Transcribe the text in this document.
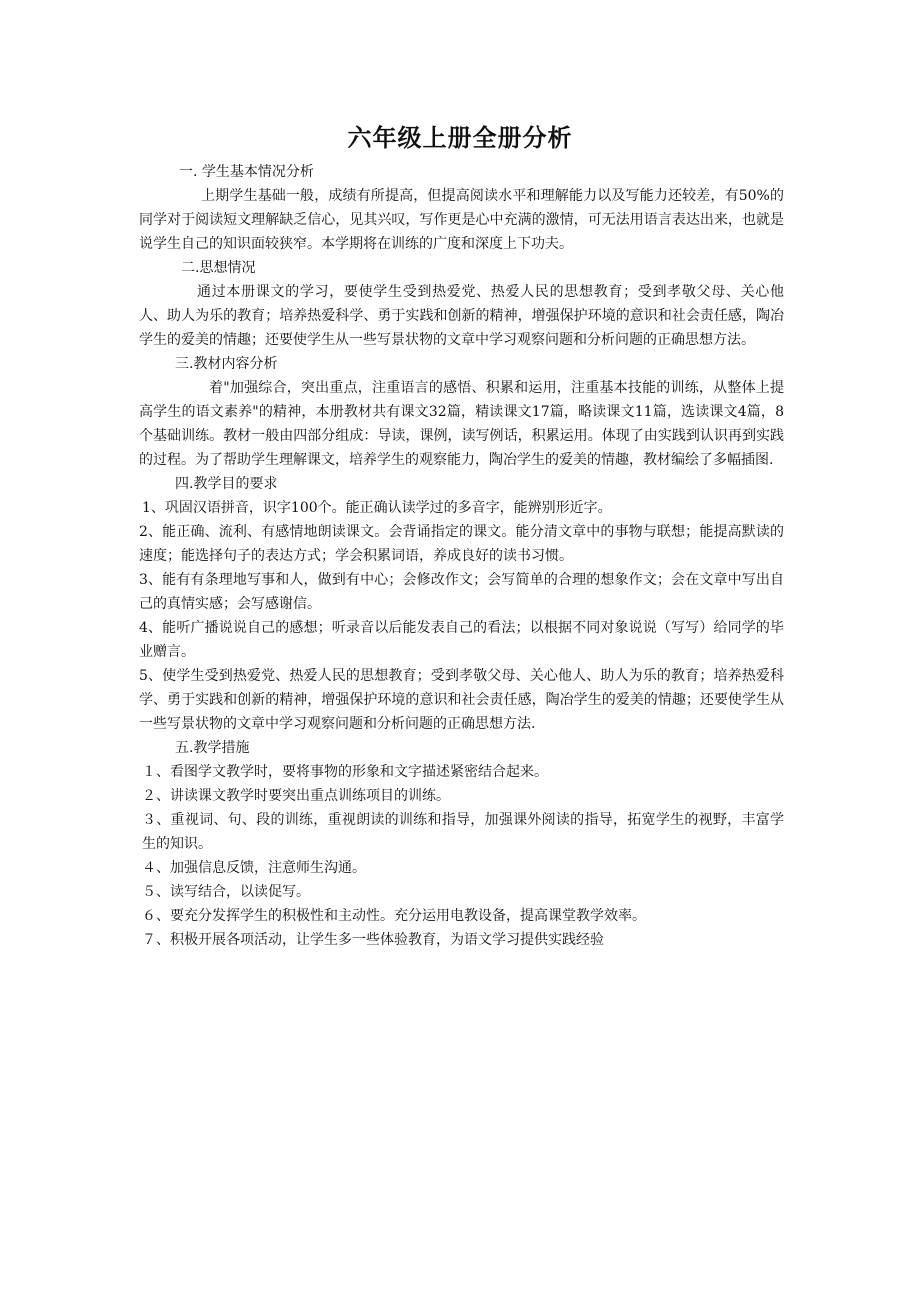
六年级上册全册分析

一. 学生基本情况分析

上期学生基础一般，成绩有所提高，但提高阅读水平和理解能力以及写能力还较差，有50%的同学对于阅读短文理解缺乏信心，见其兴叹，写作更是心中充满的激情，可无法用语言表达出来，也就是说学生自己的知识面较狭窄。本学期将在训练的广度和深度上下功夫。

二.思想情况

通过本册课文的学习，要使学生受到热爱党、热爱人民的思想教育；受到孝敬父母、关心他人、助人为乐的教育；培养热爱科学、勇于实践和创新的精神，增强保护环境的意识和社会责任感，陶冶学生的爱美的情趣；还要使学生从一些写景状物的文章中学习观察问题和分析问题的正确思想方法。

三.教材内容分析

着"加强综合，突出重点，注重语言的感悟、积累和运用，注重基本技能的训练，从整体上提高学生的语文素养"的精神，本册教材共有课文32篇，精读课文17篇，略读课文11篇，选读课文4篇，8个基础训练。教材一般由四部分组成：导读，课例，读写例话，积累运用。体现了由实践到认识再到实践的过程。为了帮助学生理解课文，培养学生的观察能力，陶冶学生的爱美的情趣，教材编绘了多幅插图.

四.教学目的要求

1、巩固汉语拼音，识字100个。能正确认读学过的多音字，能辨别形近字。

2、能正确、流利、有感情地朗读课文。会背诵指定的课文。能分清文章中的事物与联想；能提高默读的速度；能选择句子的表达方式；学会积累词语，养成良好的读书习惯。

3、能有有条理地写事和人，做到有中心；会修改作文；会写简单的合理的想象作文；会在文章中写出自己的真情实感；会写感谢信。

4、能听广播说说自己的感想；听录音以后能发表自己的看法；以根据不同对象说说（写写）给同学的毕业赠言。

5、使学生受到热爱党、热爱人民的思想教育；受到孝敬父母、关心他人、助人为乐的教育；培养热爱科学、勇于实践和创新的精神，增强保护环境的意识和社会责任感，陶冶学生的爱美的情趣；还要使学生从一些写景状物的文章中学习观察问题和分析问题的正确思想方法.

五.教学措施

１、看图学文教学时，要将事物的形象和文字描述紧密结合起来。

２、讲读课文教学时要突出重点训练项目的训练。

３、重视词、句、段的训练，重视朗读的训练和指导，加强课外阅读的指导，拓宽学生的视野，丰富学生的知识。

４、加强信息反馈，注意师生沟通。

５、读写结合，以读促写。

６、要充分发挥学生的积极性和主动性。充分运用电教设备，提高课堂教学效率。

７、积极开展各项活动，让学生多一些体验教育，为语文学习提供实践经验
